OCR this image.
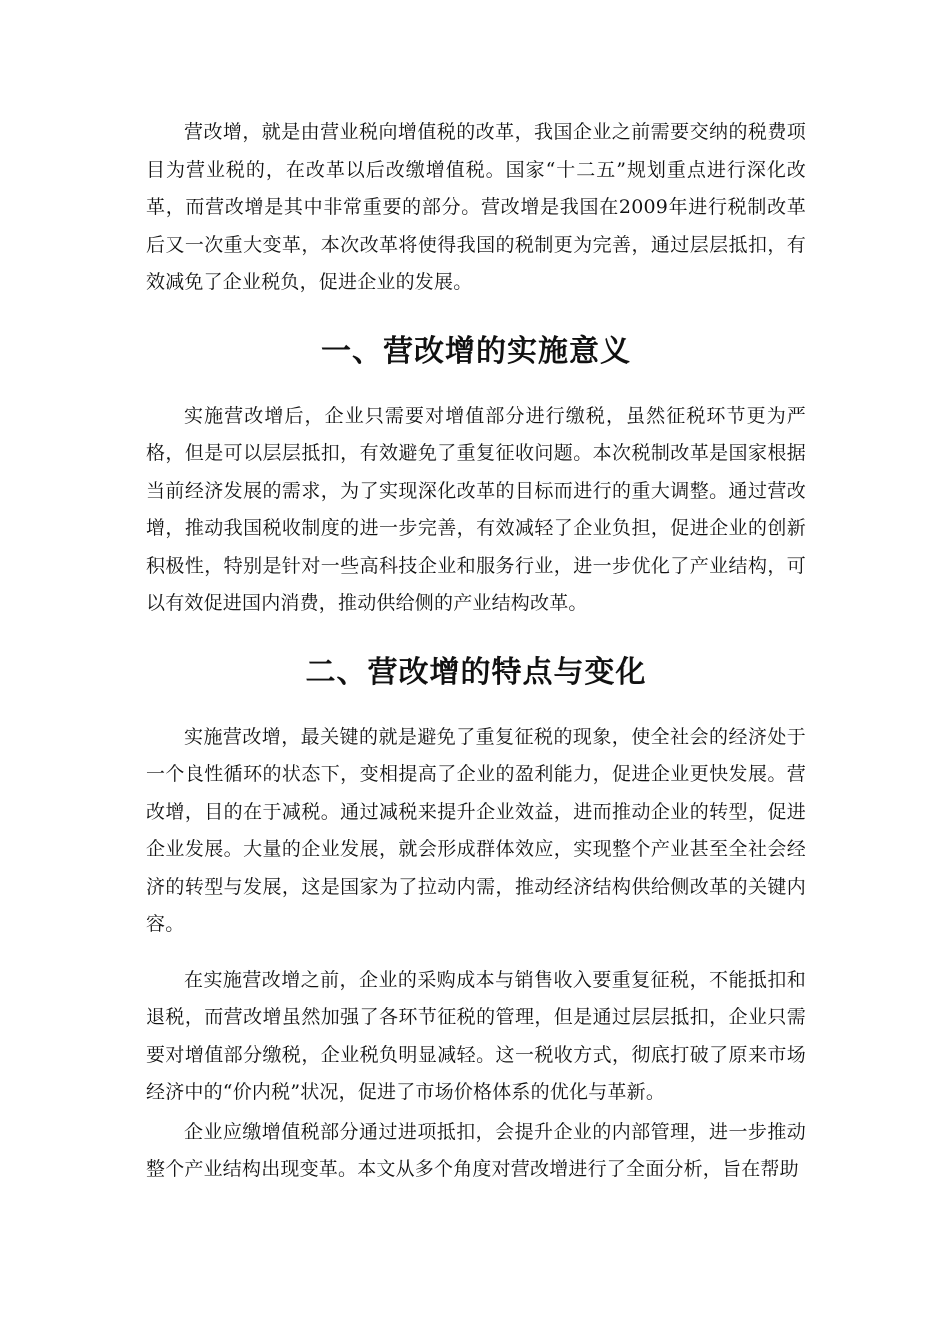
营改增，就是由营业税向增值税的改革，我国企业之前需要交纳的税费项目为营业税的，在改革以后改缴增值税。国家“十二五”规划重点进行深化改革，而营改增是其中非常重要的部分。营改增是我国在2009年进行税制改革后又一次重大变革，本次改革将使得我国的税制更为完善，通过层层抵扣，有效减免了企业税负，促进企业的发展。

一、营改增的实施意义

实施营改增后，企业只需要对增值部分进行缴税，虽然征税环节更为严格，但是可以层层抵扣，有效避免了重复征收问题。本次税制改革是国家根据当前经济发展的需求，为了实现深化改革的目标而进行的重大调整。通过营改增，推动我国税收制度的进一步完善，有效减轻了企业负担，促进企业的创新积极性，特别是针对一些高科技企业和服务行业，进一步优化了产业结构，可以有效促进国内消费，推动供给侧的产业结构改革。

二、营改增的特点与变化

实施营改增，最关键的就是避免了重复征税的现象，使全社会的经济处于一个良性循环的状态下，变相提高了企业的盈利能力，促进企业更快发展。营改增，目的在于减税。通过减税来提升企业效益，进而推动企业的转型，促进企业发展。大量的企业发展，就会形成群体效应，实现整个产业甚至全社会经济的转型与发展，这是国家为了拉动内需，推动经济结构供给侧改革的关键内容。

在实施营改增之前，企业的采购成本与销售收入要重复征税，不能抵扣和退税，而营改增虽然加强了各环节征税的管理，但是通过层层抵扣，企业只需要对增值部分缴税，企业税负明显减轻。这一税收方式，彻底打破了原来市场经济中的“价内税”状况，促进了市场价格体系的优化与革新。

企业应缴增值税部分通过进项抵扣，会提升企业的内部管理，进一步推动整个产业结构出现变革。本文从多个角度对营改增进行了全面分析，旨在帮助
